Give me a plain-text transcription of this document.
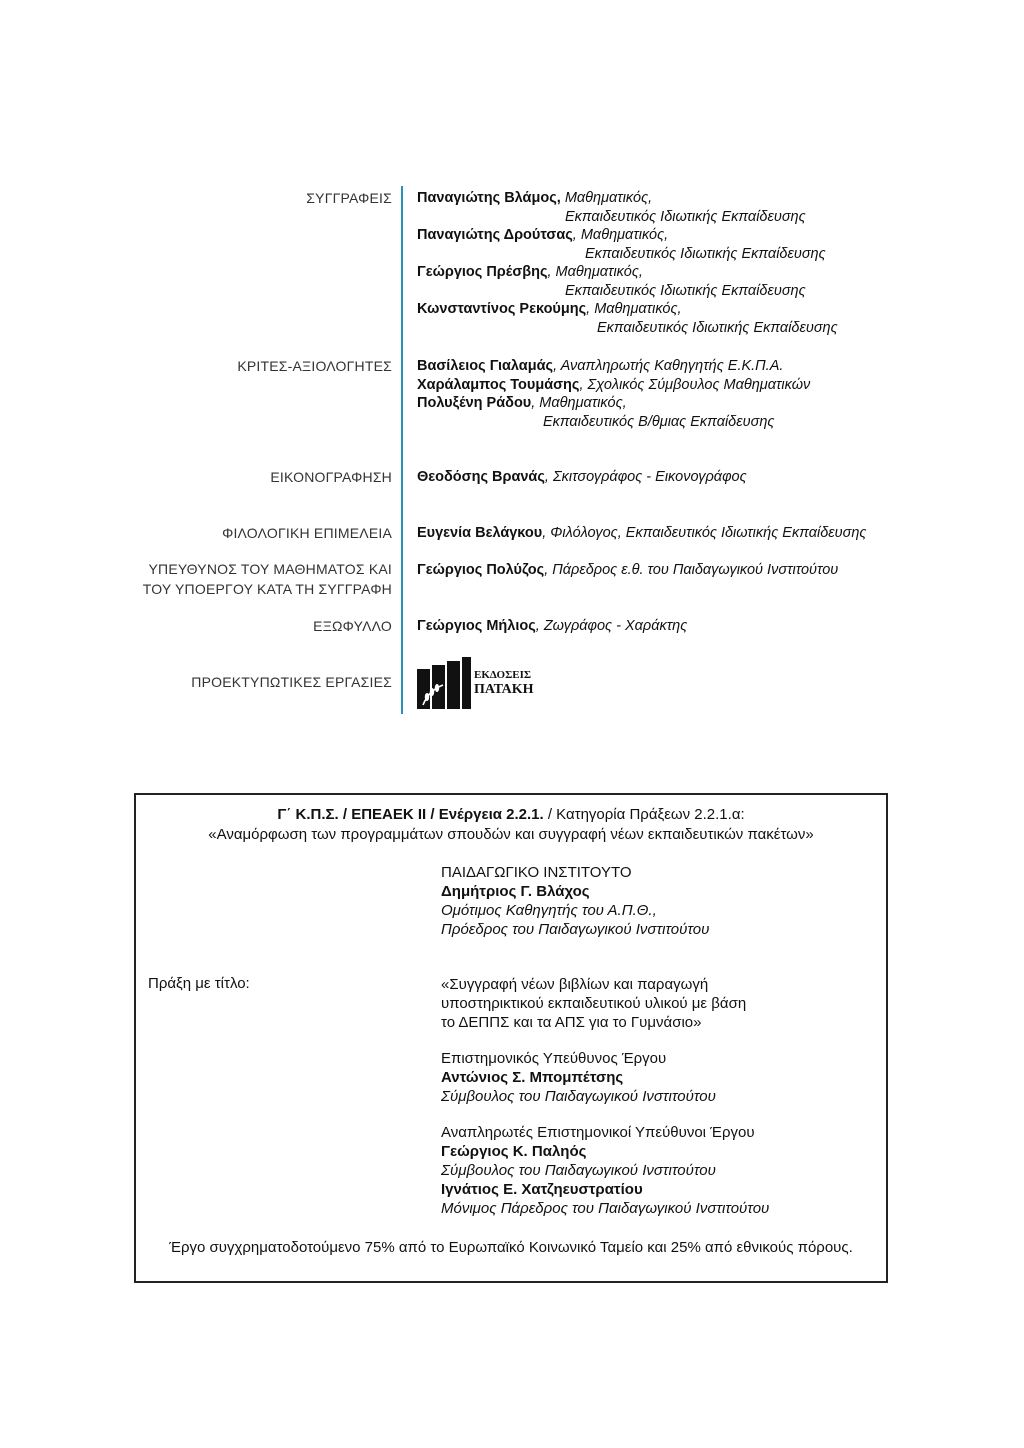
ΣΥΓΓΡΑΦΕΙΣ Παναγιώτης Βλάμος, Μαθηματικός,
Εκπαιδευτικός Ιδιωτικής Εκπαίδευσης
Παναγιώτης Δρούτσας, Μαθηματικός,
Εκπαιδευτικός Ιδιωτικής Εκπαίδευσης
Γεώργιος Πρέσβης, Μαθηματικός,
Εκπαιδευτικός Ιδιωτικής Εκπαίδευσης
Κωνσταντίνος Ρεκούμης, Μαθηματικός,
Εκπαιδευτικός Ιδιωτικής Εκπαίδευσης
ΚΡΙΤΕΣ-ΑΞΙΟΛΟΓΗΤΕΣ Βασίλειος Γιαλαμάς, Αναπληρωτής Καθηγητής Ε.Κ.Π.Α.
Χαράλαμπος Τουμάσης, Σχολικός Σύμβουλος Μαθηματικών
Πολυξένη Ράδου, Μαθηματικός,
Εκπαιδευτικός Β/θμιας Εκπαίδευσης
ΕΙΚΟΝΟΓΡΑΦΗΣΗ Θεοδόσης Βρανάς, Σκιτσογράφος - Εικονογράφος
ΦΙΛΟΛΟΓΙΚΗ ΕΠΙΜΕΛΕΙΑ Ευγενία Βελάγκου, Φιλόλογος, Εκπαιδευτικός Ιδιωτικής Εκπαίδευσης
ΥΠΕΥΘΥΝΟΣ ΤΟΥ ΜΑΘΗΜΑΤΟΣ ΚΑΙ
ΤΟΥ ΥΠΟΕΡΓΟΥ ΚΑΤΑ ΤΗ ΣΥΓΓΡΑΦΗ
Γεώργιος Πολύζος, Πάρεδρος ε.θ. του Παιδαγωγικού Ινστιτούτου
ΕΞΩΦΥΛΛΟ Γεώργιος Μήλιος, Ζωγράφος - Χαράκτης
ΠΡΟΕΚΤΥΠΩΤΙΚΕΣ ΕΡΓΑΣΙΕΣ	ΕΚΔΟΣΕΙΣ
ΠΑΤΑΚΗ
Γ΄ Κ.Π.Σ. / ΕΠΕΑΕΚ ΙΙ / Ενέργεια 2.2.1. / Κατηγορία Πράξεων 2.2.1.α:
«Αναμόρφωση των προγραμμάτων σπουδών και συγγραφή νέων εκπαιδευτικών πακέτων»
ΠΑΙΔΑΓΩΓΙΚΟ ΙΝΣΤΙΤΟΥΤΟ
Δημήτριος Γ. Βλάχος
Ομότιμος Καθηγητής του Α.Π.Θ.,
Πρόεδρος του Παιδαγωγικού Ινστιτούτου
Πράξη με τίτλο:	«Συγγραφή νέων βιβλίων και παραγωγή
υποστηρικτικού εκπαιδευτικού υλικού με βάση
το ΔΕΠΠΣ και τα ΑΠΣ για το Γυμνάσιο»
Επιστημονικός Υπεύθυνος Έργου
Αντώνιος Σ. Μπομπέτσης
Σύμβουλος του Παιδαγωγικού Ινστιτούτου
Αναπληρωτές Επιστημονικοί Υπεύθυνοι Έργου
Γεώργιος Κ. Παληός
Σύμβουλος του Παιδαγωγικού Ινστιτούτου
Ιγνάτιος Ε. Χατζηευστρατίου
Μόνιμος Πάρεδρος του Παιδαγωγικού Ινστιτούτου
Έργο συγχρηματοδοτούμενο 75% από το Ευρωπαϊκό Κοινωνικό Ταμείο και 25% από εθνικούς πόρους.
